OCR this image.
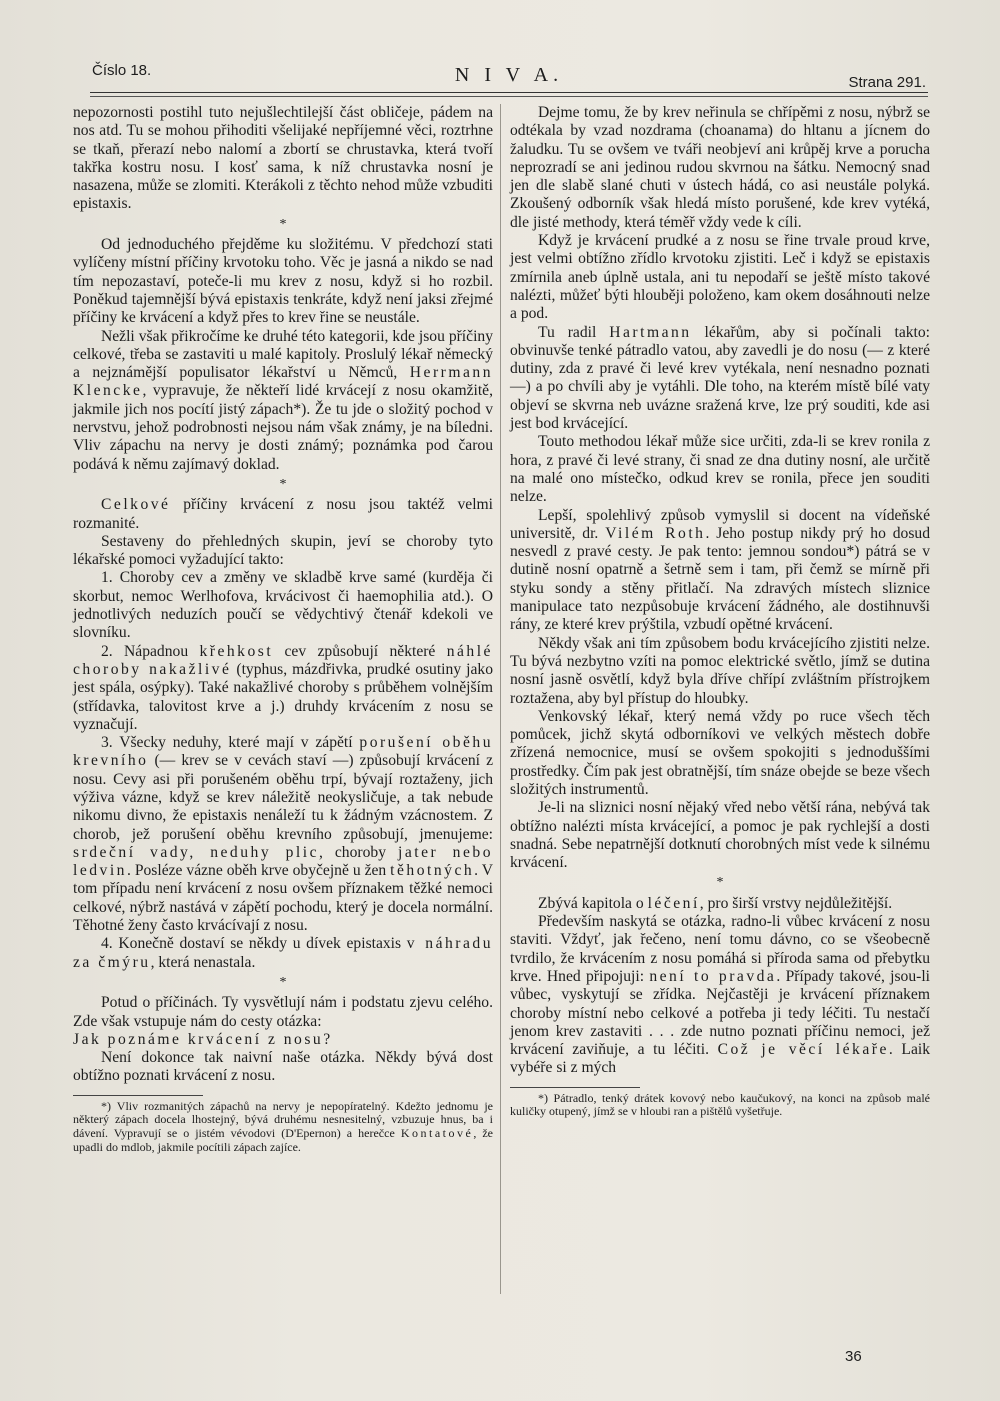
Číslo 18.	N I V A.	Strana 291.

nepozornosti postihl tuto nejušlechtilejší část obličeje, pádem na nos atd. Tu se mohou přihoditi všelijaké nepříjemné věci, roztrhne se tkaň, přerazí nebo nalomí a zbortí se chrustavka, která tvoří takřka kostru nosu. I kosť sama, k níž chrustavka nosní je nasazena, může se zlomiti. Kterákoli z těchto nehod může vzbuditi epistaxis.

*

Od jednoduchého přejděme ku složitému. V předchozí stati vylíčeny místní příčiny krvotoku toho. Věc je jasná a nikdo se nad tím nepozastaví, poteče-li mu krev z nosu, když si ho rozbil. Poněkud tajemnější bývá epistaxis tenkráte, když není jaksi zřejmé příčiny ke krvácení a když přes to krev řine se neustále.

Nežli však přikročíme ke druhé této kategorii, kde jsou příčiny celkové, třeba se zastaviti u malé kapitoly. Proslulý lékař německý a nejznámější populisator lékařství u Němců, Herrmann Klencke, vypravuje, že někteří lidé krvácejí z nosu okamžitě, jakmile jich nos pocítí jistý zápach*). Že tu jde o složitý pochod v nervstvu, jehož podrobnosti nejsou nám však známy, je na bíledni. Vliv zápachu na nervy je dosti známý; poznámka pod čarou podává k němu zajímavý doklad.

*

Celkové příčiny krvácení z nosu jsou taktéž velmi rozmanité.

Sestaveny do přehledných skupin, jeví se choroby tyto lékařské pomoci vyžadující takto:

1. Choroby cev a změny ve skladbě krve samé (kurděja či skorbut, nemoc Werlhofova, krvácivost či haemophilia atd.). O jednotlivých neduzích poučí se vědychtivý čtenář kdekoli ve slovníku.

2. Nápadnou křehkost cev způsobují některé náhlé choroby nakažlivé (typhus, mázdřivka, prudké osutiny jako jest spála, osýpky). Také nakažlivé choroby s průběhem volnějším (střídavka, talovitost krve a j.) druhdy krvácením z nosu se vyznačují.

3. Všecky neduhy, které mají v zápětí porušení oběhu krevního (— krev se v cevách staví —) způsobují krvácení z nosu. Cevy asi při porušeném oběhu trpí, bývají roztaženy, jich výživa vázne, když se krev náležitě neokysličuje, a tak nebude nikomu divno, že epistaxis nenáleží tu k žádným vzácnostem. Z chorob, jež porušení oběhu krevního způsobují, jmenujeme: srdeční vady, neduhy plic, choroby jater nebo ledvin. Posléze vázne oběh krve obyčejně u žen těhotných. V tom případu není krvácení z nosu ovšem příznakem těžké nemoci celkové, nýbrž nastává v zápětí pochodu, který je docela normální. Těhotné ženy často krvácívají z nosu.

4. Konečně dostaví se někdy u dívek epistaxis v náhradu za čmýru, která nenastala.

*

Potud o příčinách. Ty vysvětlují nám i podstatu zjevu celého. Zde však vstupuje nám do cesty otázka:

Jak poznáme krvácení z nosu?

Není dokonce tak naivní naše otázka. Někdy bývá dost obtížno poznati krvácení z nosu.

*) Vliv rozmanitých zápachů na nervy je nepopíratelný. Kdežto jednomu je některý zápach docela lhostejný, bývá druhému nesnesitelný, vzbuzuje hnus, ba i dávení. Vypravují se o jistém vévodovi (D'Epernon) a herečce Kontatové, že upadli do mdlob, jakmile pocítili zápach zajíce.

Dejme tomu, že by krev neřinula se chřípěmi z nosu, nýbrž se odtékala by vzad nozdrama (choanama) do hltanu a jícnem do žaludku. Tu se ovšem ve tváři neobjeví ani krůpěj krve a porucha neprozradí se ani jedinou rudou skvrnou na šátku. Nemocný snad jen dle slabě slané chuti v ústech hádá, co asi neustále polyká. Zkoušený odborník však hledá místo porušené, kde krev vytéká, dle jisté methody, která téměř vždy vede k cíli.

Když je krvácení prudké a z nosu se řine trvale proud krve, jest velmi obtížno zřídlo krvotoku zjistiti. Leč i když se epistaxis zmírnila aneb úplně ustala, ani tu nepodaří se ještě místo takové nalézti, můžeť býti hlouběji položeno, kam okem dosáhnouti nelze a pod.

Tu radil Hartmann lékařům, aby si počínali takto: obvinuvše tenké pátradlo vatou, aby zavedli je do nosu (— z které dutiny, zda z pravé či levé krev vytékala, není nesnadno poznati —) a po chvíli aby je vytáhli. Dle toho, na kterém místě bílé vaty objeví se skvrna neb uvázne sražená krve, lze prý souditi, kde asi jest bod krvácející.

Touto methodou lékař může sice určiti, zda-li se krev ronila z hora, z pravé či levé strany, či snad ze dna dutiny nosní, ale určitě na malé ono místečko, odkud krev se ronila, přece jen souditi nelze.

Lepší, spolehlivý způsob vymyslil si docent na vídeňské universitě, dr. Vilém Roth. Jeho postup nikdy prý ho dosud nesvedl z pravé cesty. Je pak tento: jemnou sondou*) pátrá se v dutině nosní opatrně a šetrně sem i tam, při čemž se mírně při styku sondy a stěny přitlačí. Na zdravých místech sliznice manipulace tato nezpůsobuje krvácení žádného, ale dostihnuvši rány, ze které krev prýštila, vzbudí opětné krvácení.

Někdy však ani tím způsobem bodu krvácejícího zjistiti nelze. Tu bývá nezbytno vzíti na pomoc elektrické světlo, jímž se dutina nosní jasně osvětlí, když byla dříve chřípí zvláštním přístrojkem roztažena, aby byl přístup do hloubky.

Venkovský lékař, který nemá vždy po ruce všech těch pomůcek, jichž skytá odborníkovi ve velkých městech dobře zřízená nemocnice, musí se ovšem spokojiti s jednoduššími prostředky. Čím pak jest obratnější, tím snáze obejde se beze všech složitých instrumentů.

Je-li na sliznici nosní nějaký vřed nebo větší rána, nebývá tak obtížno nalézti místa krvácející, a pomoc je pak rychlejší a dosti snadná. Sebe nepatrnější dotknutí chorobných míst vede k silnému krvácení.

*

Zbývá kapitola o léčení, pro širší vrstvy nejdůležitější.

Především naskytá se otázka, radno-li vůbec krvácení z nosu staviti. Vždyť, jak řečeno, není tomu dávno, co se všeobecně tvrdilo, že krvácením z nosu pomáhá si příroda sama od přebytku krve. Hned připojuji: není to pravda. Případy takové, jsou-li vůbec, vyskytují se zřídka. Nejčastěji je krvácení příznakem choroby místní nebo celkové a potřeba ji tedy léčiti. Tu nestačí jenom krev zastaviti . . . zde nutno poznati příčinu nemoci, jež krvácení zaviňuje, a tu léčiti. Což je věcí lékaře. Laik vybéře si z mých

*) Pátradlo, tenký drátek kovový nebo kaučukový, na konci na způsob malé kuličky otupený, jímž se v hloubi ran a pištělů vyšetřuje.

36
